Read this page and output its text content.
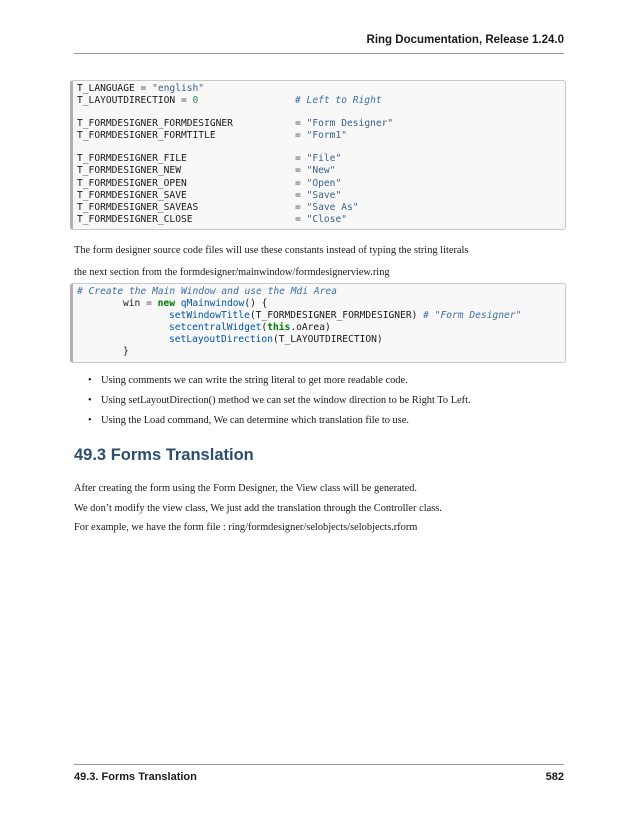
Ring Documentation, Release 1.24.0
T_LANGUAGE = "english"
T_LAYOUTDIRECTION = 0	# Left to Right
T_FORMDESIGNER_FORMDESIGNER	= "Form Designer"
T_FORMDESIGNER_FORMTITLE	= "Form1"
T_FORMDESIGNER_FILE	= "File"
T_FORMDESIGNER_NEW	= "New"
T_FORMDESIGNER_OPEN	= "Open"
T_FORMDESIGNER_SAVE	= "Save"
T_FORMDESIGNER_SAVEAS	= "Save As"
T_FORMDESIGNER_CLOSE	= "Close"
The form designer source code files will use these constants instead of typing the string literals
the next section from the formdesigner/mainwindow/formdesignerview.ring
# Create the Main Window and use the Mdi Area
win = new qMainwindow() {
setWindowTitle(T_FORMDESIGNER_FORMDESIGNER) # "Form Designer"
setcentralWidget(this.oArea)
setLayoutDirection(T_LAYOUTDIRECTION)
}
• Using comments we can write the string literal to get more readable code.
• Using setLayoutDirection() method we can set the window direction to be Right To Left.
• Using the Load command, We can determine which translation file to use.
49.3 Forms Translation
After creating the form using the Form Designer, the View class will be generated.
We don’t modify the view class, We just add the translation through the Controller class.
For example, we have the form file : ring/formdesigner/selobjects/selobjects.rform
49.3. Forms Translation	582
